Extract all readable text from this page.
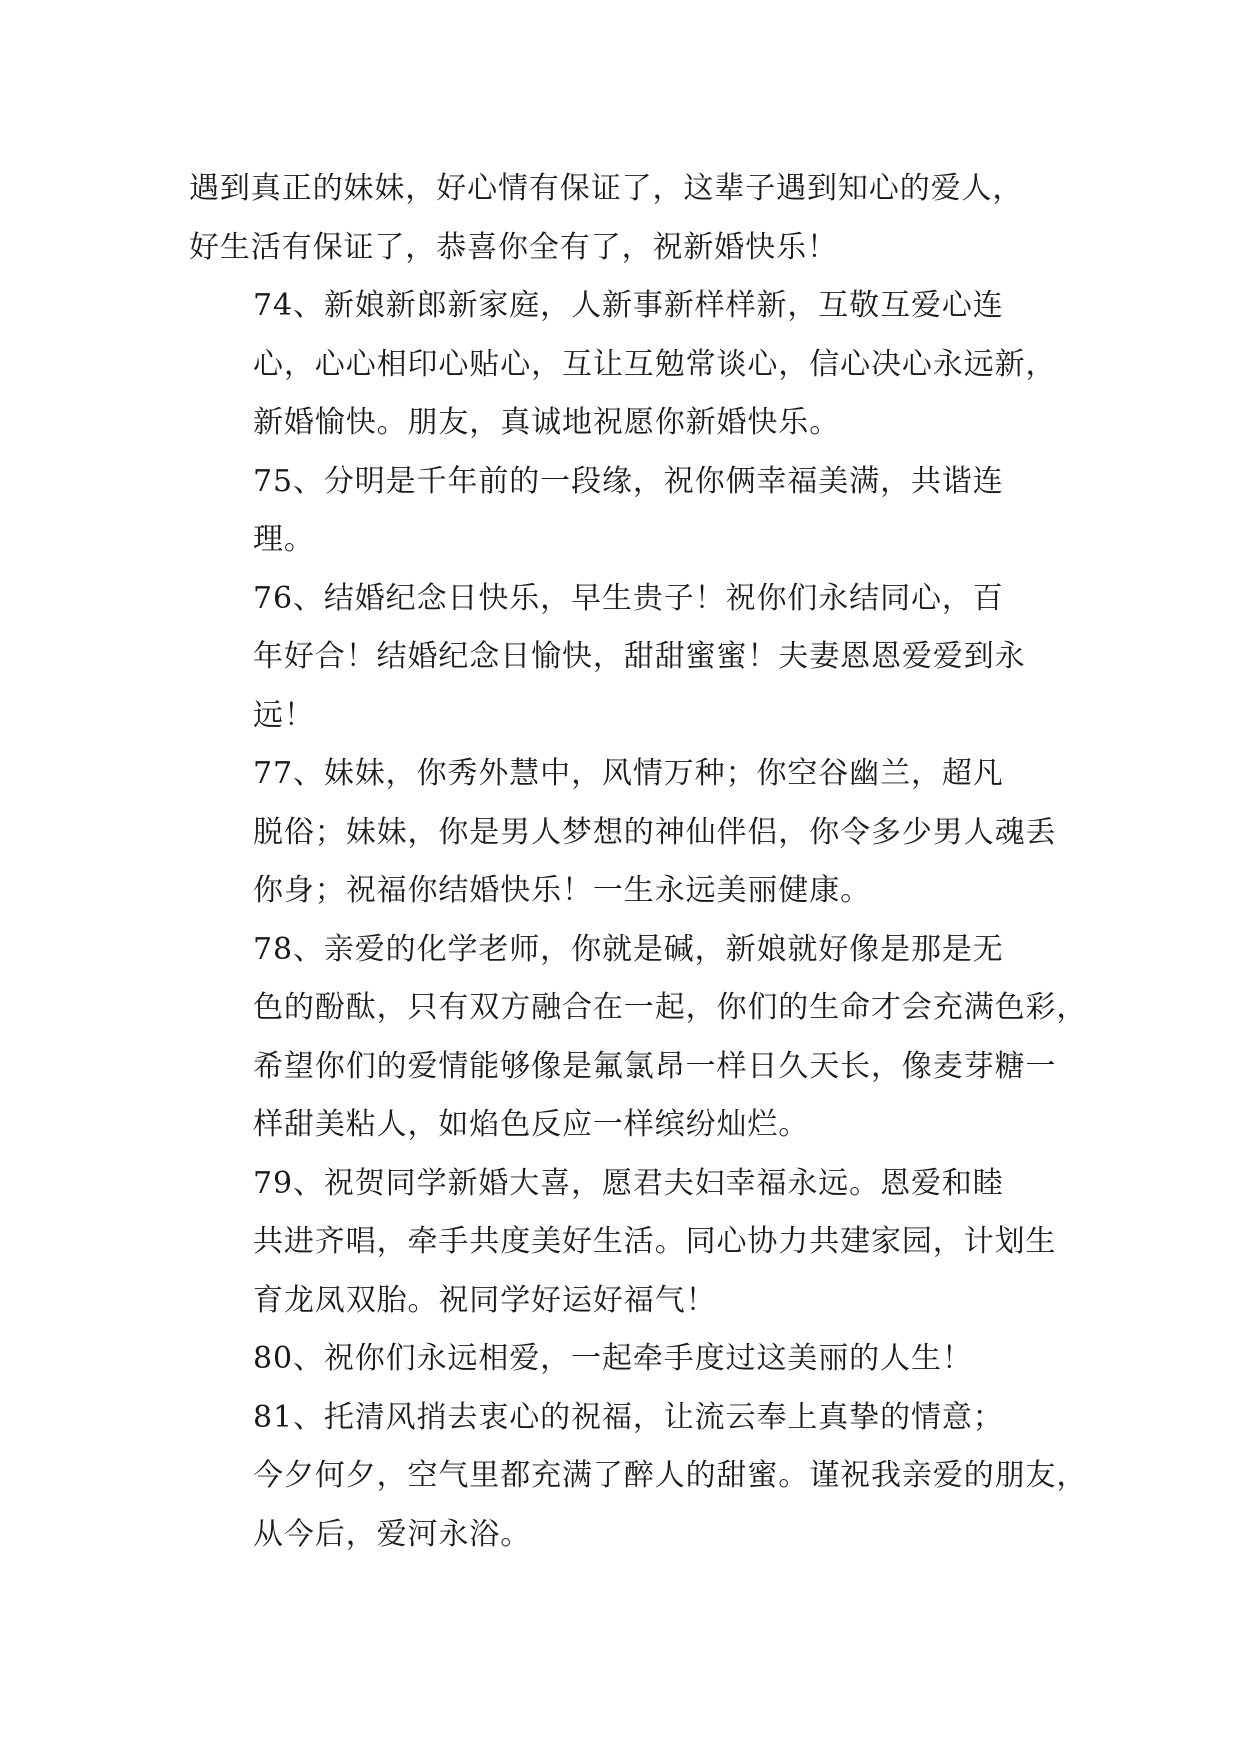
遇到真正的妹妹，好心情有保证了，这辈子遇到知心的爱人，
好生活有保证了，恭喜你全有了，祝新婚快乐！

74、新娘新郎新家庭，人新事新样样新，互敬互爱心连
心，心心相印心贴心，互让互勉常谈心，信心决心永远新，
新婚愉快。朋友，真诚地祝愿你新婚快乐。

75、分明是千年前的一段缘，祝你俩幸福美满，共谐连
理。

76、结婚纪念日快乐，早生贵子！祝你们永结同心，百
年好合！结婚纪念日愉快，甜甜蜜蜜！夫妻恩恩爱爱到永
远！

77、妹妹，你秀外慧中，风情万种；你空谷幽兰，超凡
脱俗；妹妹，你是男人梦想的神仙伴侣，你令多少男人魂丢
你身；祝福你结婚快乐！一生永远美丽健康。

78、亲爱的化学老师，你就是碱，新娘就好像是那是无
色的酚酞，只有双方融合在一起，你们的生命才会充满色彩，
希望你们的爱情能够像是氟氯昂一样日久天长，像麦芽糖一
样甜美粘人，如焰色反应一样缤纷灿烂。

79、祝贺同学新婚大喜，愿君夫妇幸福永远。恩爱和睦
共进齐唱，牵手共度美好生活。同心协力共建家园，计划生
育龙凤双胎。祝同学好运好福气！

80、祝你们永远相爱，一起牵手度过这美丽的人生！

81、托清风捎去衷心的祝福，让流云奉上真挚的情意；
今夕何夕，空气里都充满了醉人的甜蜜。谨祝我亲爱的朋友，
从今后，爱河永浴。
